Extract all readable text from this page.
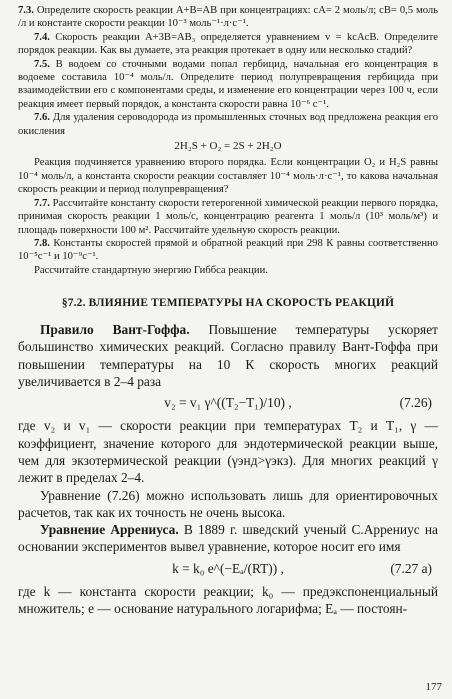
7.3. Определите скорость реакции A+B=AB при концентрациях: cA= 2 моль/л; cB= 0,5 моль /л и константе скорости реакции 10⁻³ моль⁻¹·л·с⁻¹.

7.4. Скорость реакции A+3B=AB₃ определяется уравнением v = kcAcB. Определите порядок реакции. Как вы думаете, эта реакция протекает в одну или несколько стадий?

7.5. В водоем со сточными водами попал гербицид, начальная его концентрация в водоеме составила 10⁻⁴ моль/л. Определите период полупревращения гербицида при взаимодействии его с компонентами среды, и изменение его концентрации через 100 ч, если реакция имеет первый порядок, а константа скорости равна 10⁻⁶ с⁻¹.

7.6. Для удаления сероводорода из промышленных сточных вод предложена реакция его окисления

2H₂S + O₂ = 2S + 2H₂O

Реакция подчиняется уравнению второго порядка. Если концентрации O₂ и H₂S равны 10⁻⁴ моль/л, а константа скорости реакции составляет 10⁻⁴ моль·л·с⁻¹, то какова начальная скорость реакции и период полупревращения?

7.7. Рассчитайте константу скорости гетерогенной химической реакции первого порядка, принимая скорость реакции 1 моль/с, концентрацию реагента 1 моль/л (10³ моль/м³) и площадь поверхности 100 м². Рассчитайте удельную скорость реакции.

7.8. Константы скоростей прямой и обратной реакций при 298 К равны соответственно 10⁻⁵с⁻¹ и 10⁻⁹с⁻¹.

Рассчитайте стандартную энергию Гиббса реакции.

§7.2. ВЛИЯНИЕ ТЕМПЕРАТУРЫ НА СКОРОСТЬ РЕАКЦИЙ

Правило Вант-Гоффа. Повышение температуры ускоряет большинство химических реакций. Согласно правилу Вант-Гоффа при повышении температуры на 10 К скорость многих реакций увеличивается в 2–4 раза

v₂ = v₁ γ^((T₂−T₁)/10) ,	(7.26)

где v₂ и v₁ — скорости реакции при температурах T₂ и T₁, γ — коэффициент, значение которого для эндотермической реакции выше, чем для экзотермической реакции (γэнд>γэкз). Для многих реакций γ лежит в пределах 2–4.

Уравнение (7.26) можно использовать лишь для ориентировочных расчетов, так как их точность не очень высока.

Уравнение Аррениуса. В 1889 г. шведский ученый С.Аррениус на основании экспериментов вывел уравнение, которое носит его имя

k = k₀ e^(−Eₐ/(RT)) ,	(7.27 а)

где k — константа скорости реакции; k₀ — предэкспоненциальный множитель; e — основание натурального логарифма; Eₐ — постоян-

177
